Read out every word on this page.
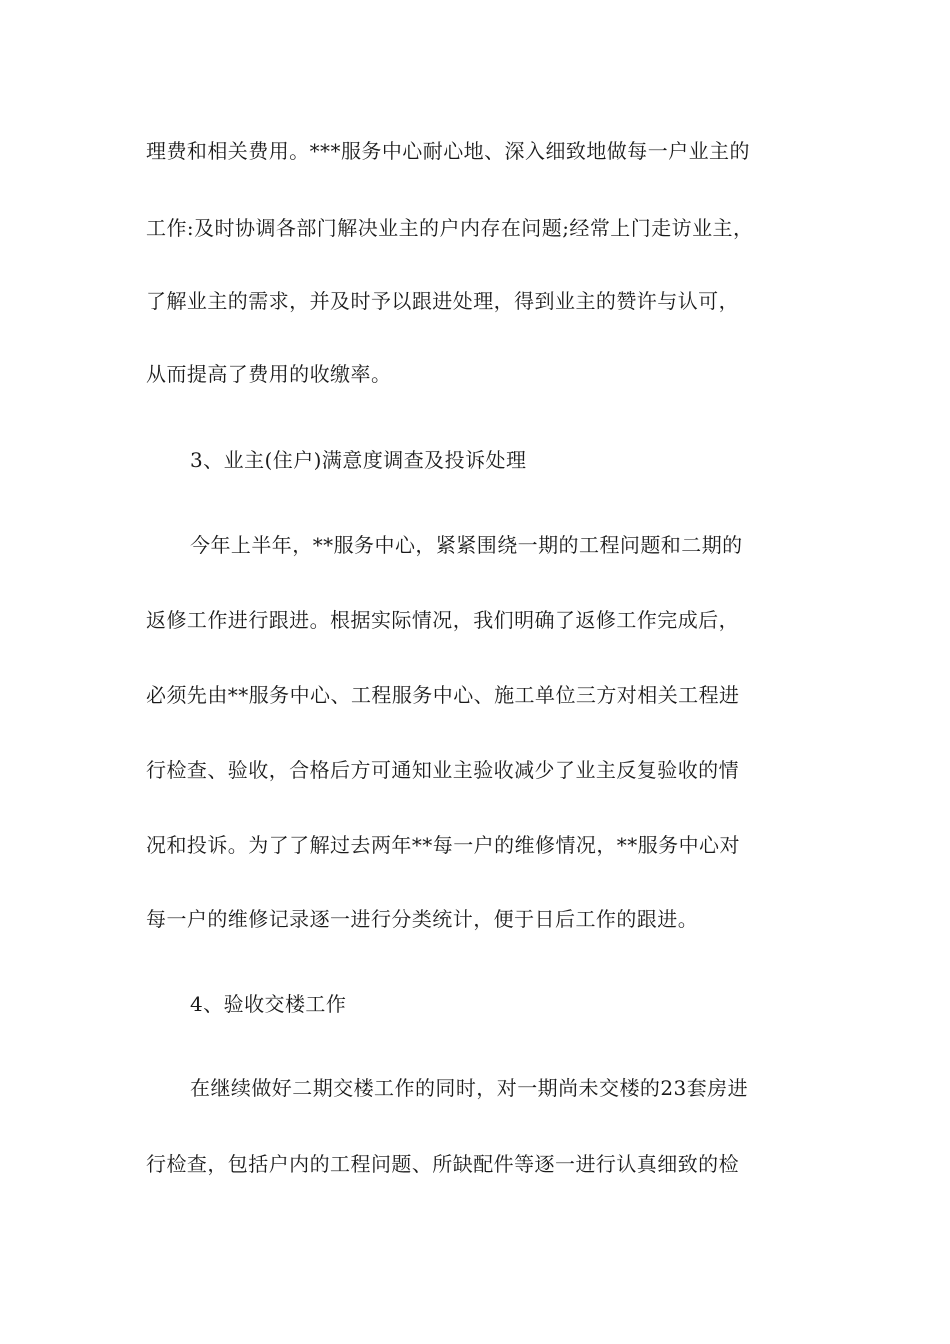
理费和相关费用。***服务中心耐心地、深入细致地做每一户业主的
工作:及时协调各部门解决业主的户内存在问题;经常上门走访业主，
了解业主的需求，并及时予以跟进处理，得到业主的赞许与认可，
从而提高了费用的收缴率。
3、业主(住户)满意度调查及投诉处理
今年上半年，**服务中心，紧紧围绕一期的工程问题和二期的
返修工作进行跟进。根据实际情况，我们明确了返修工作完成后，
必须先由**服务中心、工程服务中心、施工单位三方对相关工程进
行检查、验收，合格后方可通知业主验收减少了业主反复验收的情
况和投诉。为了了解过去两年**每一户的维修情况，**服务中心对
每一户的维修记录逐一进行分类统计，便于日后工作的跟进。
4、验收交楼工作
在继续做好二期交楼工作的同时，对一期尚未交楼的23套房进
行检查，包括户内的工程问题、所缺配件等逐一进行认真细致的检
